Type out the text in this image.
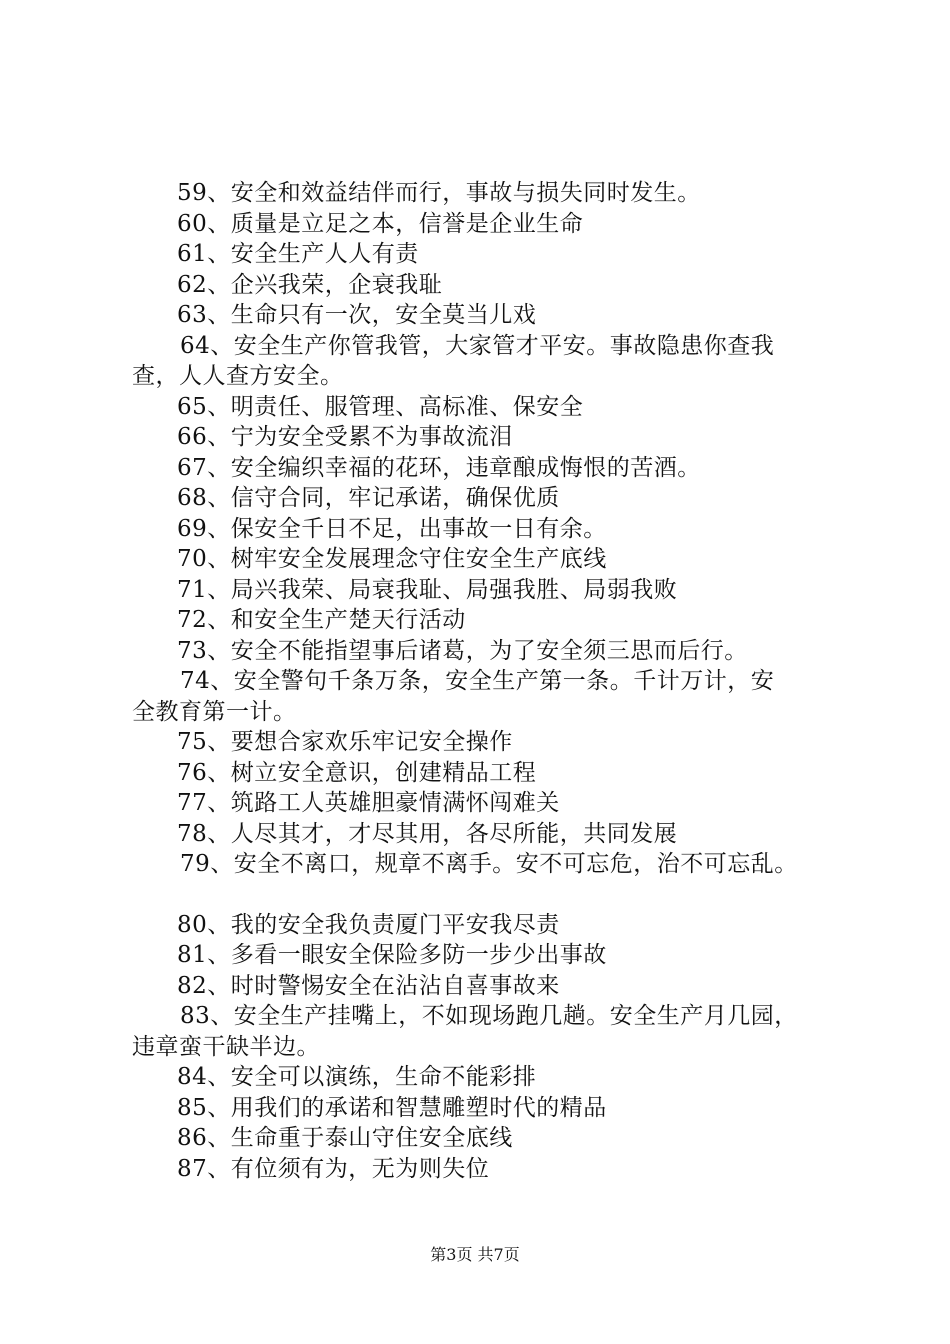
59、安全和效益结伴而行，事故与损失同时发生。
60、质量是立足之本，信誉是企业生命
61、安全生产人人有责
62、企兴我荣，企衰我耻
63、生命只有一次，安全莫当儿戏
64、安全生产你管我管，大家管才平安。事故隐患你查我
查，人人查方安全。
65、明责任、服管理、高标准、保安全
66、宁为安全受累不为事故流泪
67、安全编织幸福的花环，违章酿成悔恨的苦酒。
68、信守合同，牢记承诺，确保优质
69、保安全千日不足，出事故一日有余。
70、树牢安全发展理念守住安全生产底线
71、局兴我荣、局衰我耻、局强我胜、局弱我败
72、和安全生产楚天行活动
73、安全不能指望事后诸葛，为了安全须三思而后行。
74、安全警句千条万条，安全生产第一条。千计万计，安
全教育第一计。
75、要想合家欢乐牢记安全操作
76、树立安全意识，创建精品工程
77、筑路工人英雄胆豪情满怀闯难关
78、人尽其才，才尽其用，各尽所能，共同发展
79、安全不离口，规章不离手。安不可忘危，治不可忘乱。
80、我的安全我负责厦门平安我尽责
81、多看一眼安全保险多防一步少出事故
82、时时警惕安全在沾沾自喜事故来
83、安全生产挂嘴上，不如现场跑几趟。安全生产月几园，
违章蛮干缺半边。
84、安全可以演练，生命不能彩排
85、用我们的承诺和智慧雕塑时代的精品
86、生命重于泰山守住安全底线
87、有位须有为，无为则失位
第3页 共7页
